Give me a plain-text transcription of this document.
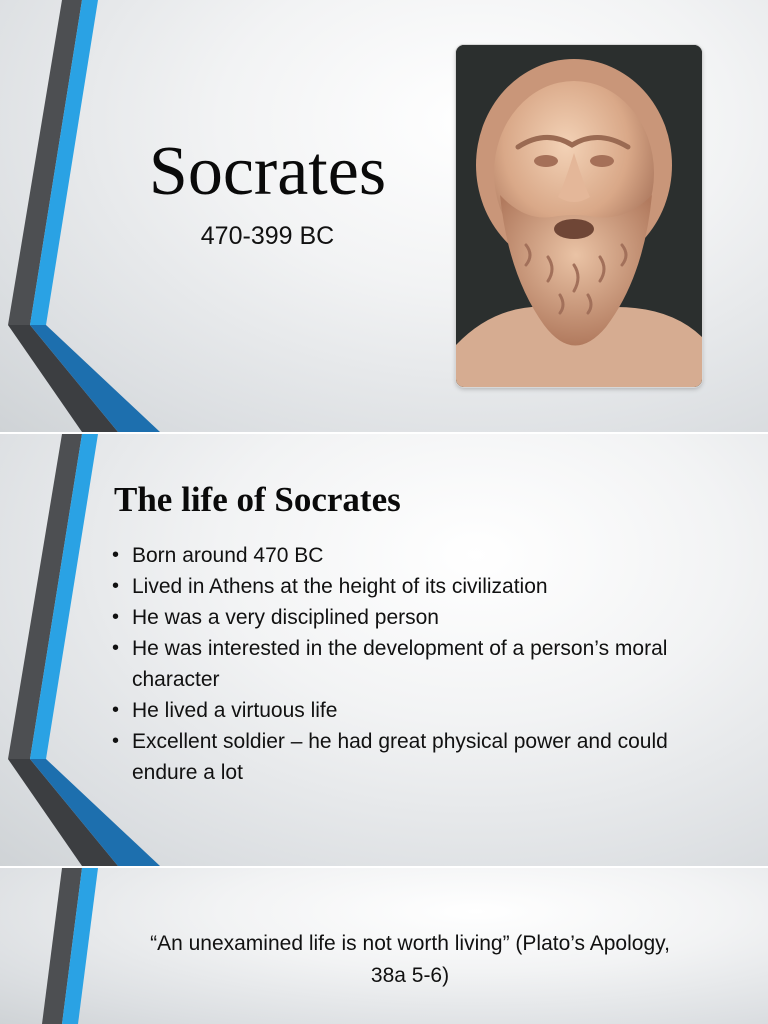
Socrates
470-399 BC
The life of Socrates
• Born around 470 BC
• Lived in Athens at the height of its civilization
• He was a very disciplined person
• He was interested in the development of a person’s moral character
• He lived a virtuous life
• Excellent soldier – he had great physical power and could endure a lot
“An unexamined life is not worth living” (Plato’s Apology, 38a 5-6)
